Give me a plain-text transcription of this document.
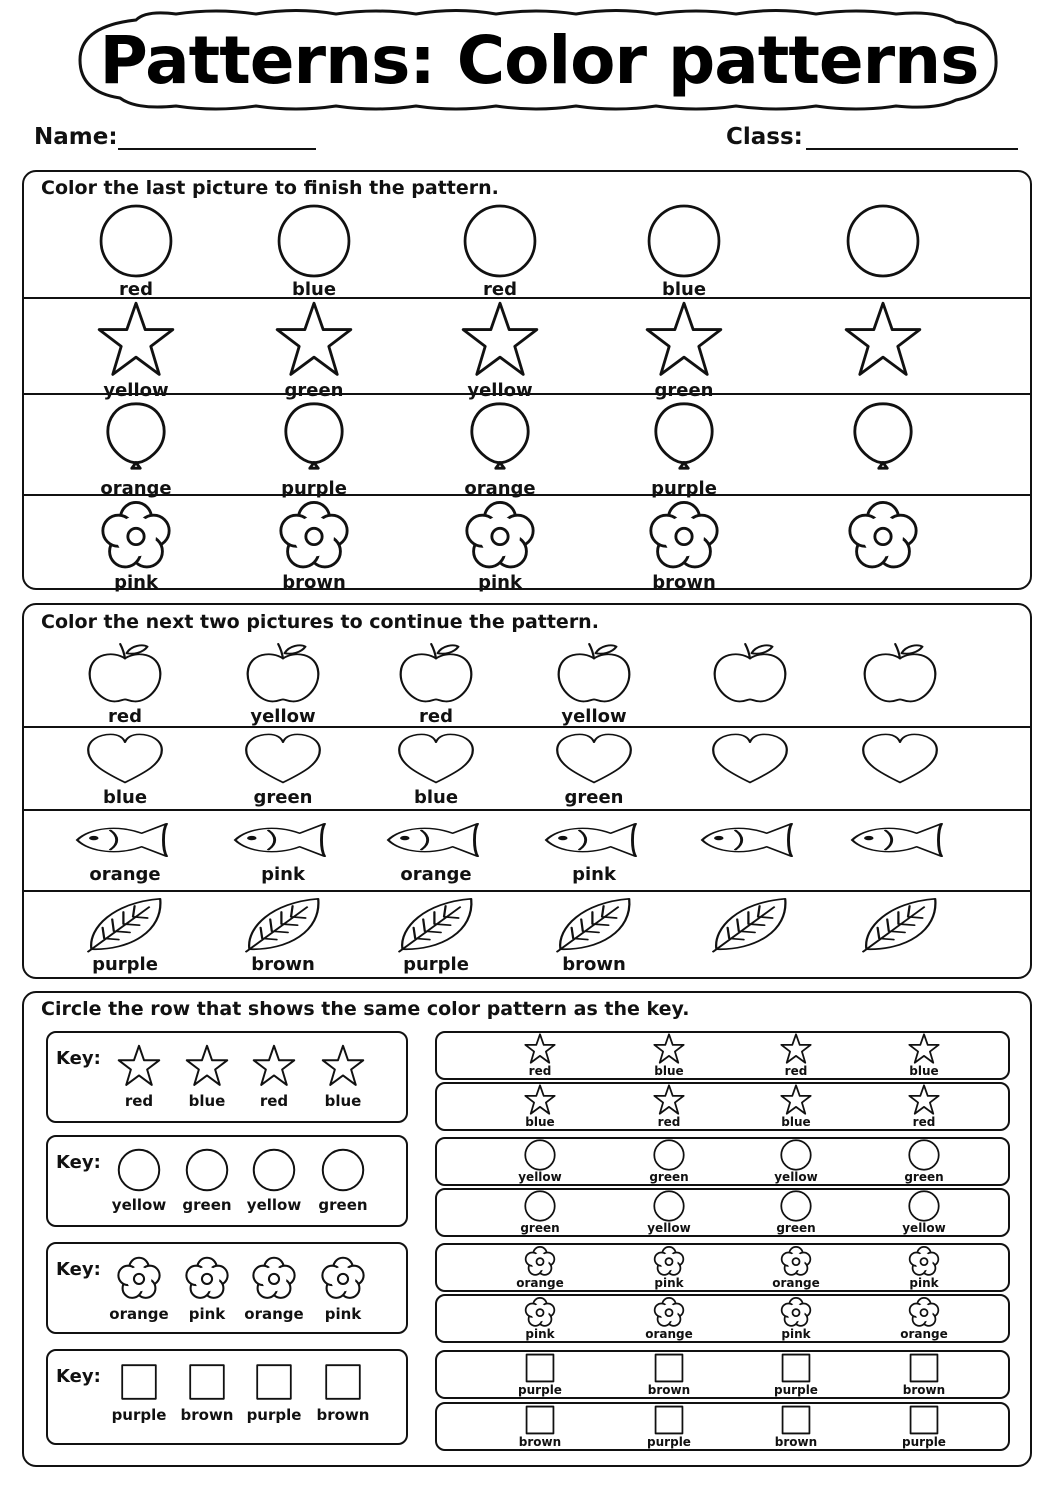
Patterns: Color patterns
Name:	Class:
Color the last picture to finish the pattern.
Color the next two pictures to continue the pattern.
Circle the row that shows the same color pattern as the key.
red	blue	red	blue
yellow	green	yellow	green
orange	purple	orange	purple
pink	brown	pink	brown
red	yellow	red	yellow
blue	green	blue	green
orange	pink	orange	pink
purple	brown	purple	brown
Key:
red blue red blue
red	blue	red	blue
blue	red	blue	red
Key:
yellow green yellow green
yellow	green	yellow	green
green	yellow	green	yellow
Key:
orange pink orange pink
orange	pink	orange	pink
pink	orange	pink	orange
Key:
purple brown purple brown
purple	brown	purple	brown
brown	purple	brown	purple
